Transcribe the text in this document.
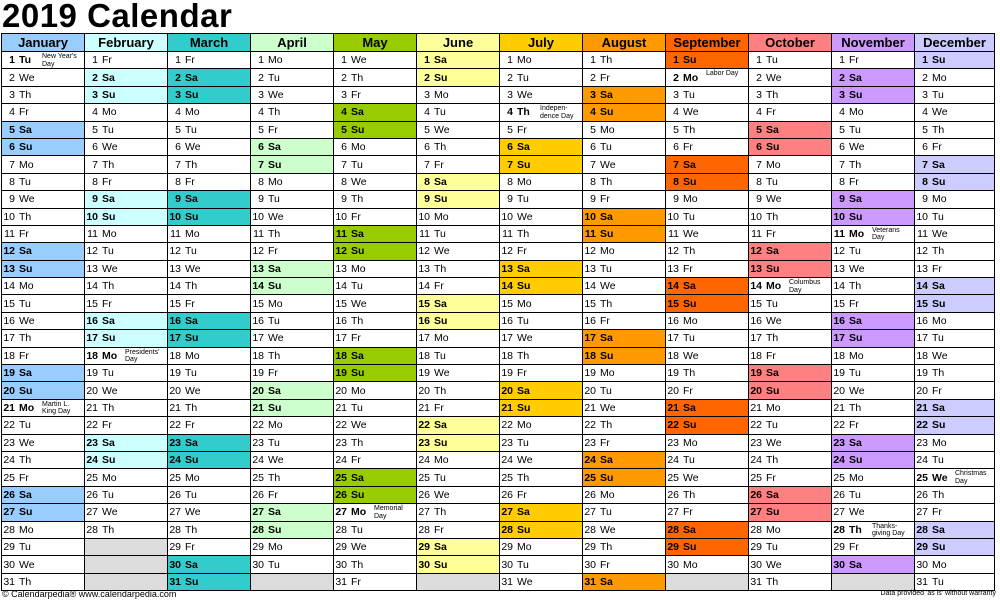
2019 Calendar
January	February	March	April	May	June	July	August	September	October	November	December
1 Tu New Year's Day	1 Fr	1 Fr	1 Mo	1 We	1 Sa	1 Mo	1 Th	1 Su	1 Tu	1 Fr	1 Su
2 We	2 Sa	2 Sa	2 Tu	2 Th	2 Su	2 Tu	2 Fr	2 Mo Labor Day	2 We	2 Sa	2 Mo
3 Th	3 Su	3 Su	3 We	3 Fr	3 Mo	3 We	3 Sa	3 Tu	3 Th	3 Su	3 Tu
4 Fr	4 Mo	4 Mo	4 Th	4 Sa	4 Tu	4 Th Indepen- dence Day	4 Su	4 We	4 Fr	4 Mo	4 We
5 Sa	5 Tu	5 Tu	5 Fr	5 Su	5 We	5 Fr	5 Mo	5 Th	5 Sa	5 Tu	5 Th
6 Su	6 We	6 We	6 Sa	6 Mo	6 Th	6 Sa	6 Tu	6 Fr	6 Su	6 We	6 Fr
7 Mo	7 Th	7 Th	7 Su	7 Tu	7 Fr	7 Su	7 We	7 Sa	7 Mo	7 Th	7 Sa
8 Tu	8 Fr	8 Fr	8 Mo	8 We	8 Sa	8 Mo	8 Th	8 Su	8 Tu	8 Fr	8 Su
9 We	9 Sa	9 Sa	9 Tu	9 Th	9 Su	9 Tu	9 Fr	9 Mo	9 We	9 Sa	9 Mo
10 Th	10 Su	10 Su	10 We	10 Fr	10 Mo	10 We	10 Sa	10 Tu	10 Th	10 Su	10 Tu
11 Fr	11 Mo	11 Mo	11 Th	11 Sa	11 Tu	11 Th	11 Su	11 We	11 Fr	11 Mo Veterans Day	11 We
12 Sa	12 Tu	12 Tu	12 Fr	12 Su	12 We	12 Fr	12 Mo	12 Th	12 Sa	12 Tu	12 Th
13 Su	13 We	13 We	13 Sa	13 Mo	13 Th	13 Sa	13 Tu	13 Fr	13 Su	13 We	13 Fr
14 Mo	14 Th	14 Th	14 Su	14 Tu	14 Fr	14 Su	14 We	14 Sa	14 Mo Columbus Day	14 Th	14 Sa
15 Tu	15 Fr	15 Fr	15 Mo	15 We	15 Sa	15 Mo	15 Th	15 Su	15 Tu	15 Fr	15 Su
16 We	16 Sa	16 Sa	16 Tu	16 Th	16 Su	16 Tu	16 Fr	16 Mo	16 We	16 Sa	16 Mo
17 Th	17 Su	17 Su	17 We	17 Fr	17 Mo	17 We	17 Sa	17 Tu	17 Th	17 Su	17 Tu
18 Fr	18 Mo Presidents' Day	18 Mo	18 Th	18 Sa	18 Tu	18 Th	18 Su	18 We	18 Fr	18 Mo	18 We
19 Sa	19 Tu	19 Tu	19 Fr	19 Su	19 We	19 Fr	19 Mo	19 Th	19 Sa	19 Tu	19 Th
20 Su	20 We	20 We	20 Sa	20 Mo	20 Th	20 Sa	20 Tu	20 Fr	20 Su	20 We	20 Fr
21 Mo Martin L. King Day	21 Th	21 Th	21 Su	21 Tu	21 Fr	21 Su	21 We	21 Sa	21 Mo	21 Th	21 Sa
22 Tu	22 Fr	22 Fr	22 Mo	22 We	22 Sa	22 Mo	22 Th	22 Su	22 Tu	22 Fr	22 Su
23 We	23 Sa	23 Sa	23 Tu	23 Th	23 Su	23 Tu	23 Fr	23 Mo	23 We	23 Sa	23 Mo
24 Th	24 Su	24 Su	24 We	24 Fr	24 Mo	24 We	24 Sa	24 Tu	24 Th	24 Su	24 Tu
25 Fr	25 Mo	25 Mo	25 Th	25 Sa	25 Tu	25 Th	25 Su	25 We	25 Fr	25 Mo	25 We Christmas Day

26 Sa	26 Tu	26 Tu	26 Fr	26 Su	26 We	26 Fr	26 Mo	26 Th	26 Sa	26 Tu	26 Th
27 Su	27 We	27 We	27 Sa	27 Mo Memorial Day	27 Th	27 Sa	27 Tu	27 Fr	27 Su	27 We	27 Fr
28 Mo	28 Th	28 Th	28 Su	28 Tu	28 Fr	28 Su	28 We	28 Sa	28 Mo	28 Th Thanks- giving Day	28 Sa
29 Tu		29 Fr	29 Mo	29 We	29 Sa	29 Mo	29 Th	29 Su	29 Tu	29 Fr	29 Su
30 We		30 Sa	30 Tu	30 Th	30 Su	30 Tu	30 Fr	30 Mo	30 We	30 Sa	30 Mo
31 Th		31 Su		31 Fr		31 We	31 Sa		31 Th		31 Tu
© Calendarpedia® www.calendarpedia.com	Data provided 'as is' without warranty
